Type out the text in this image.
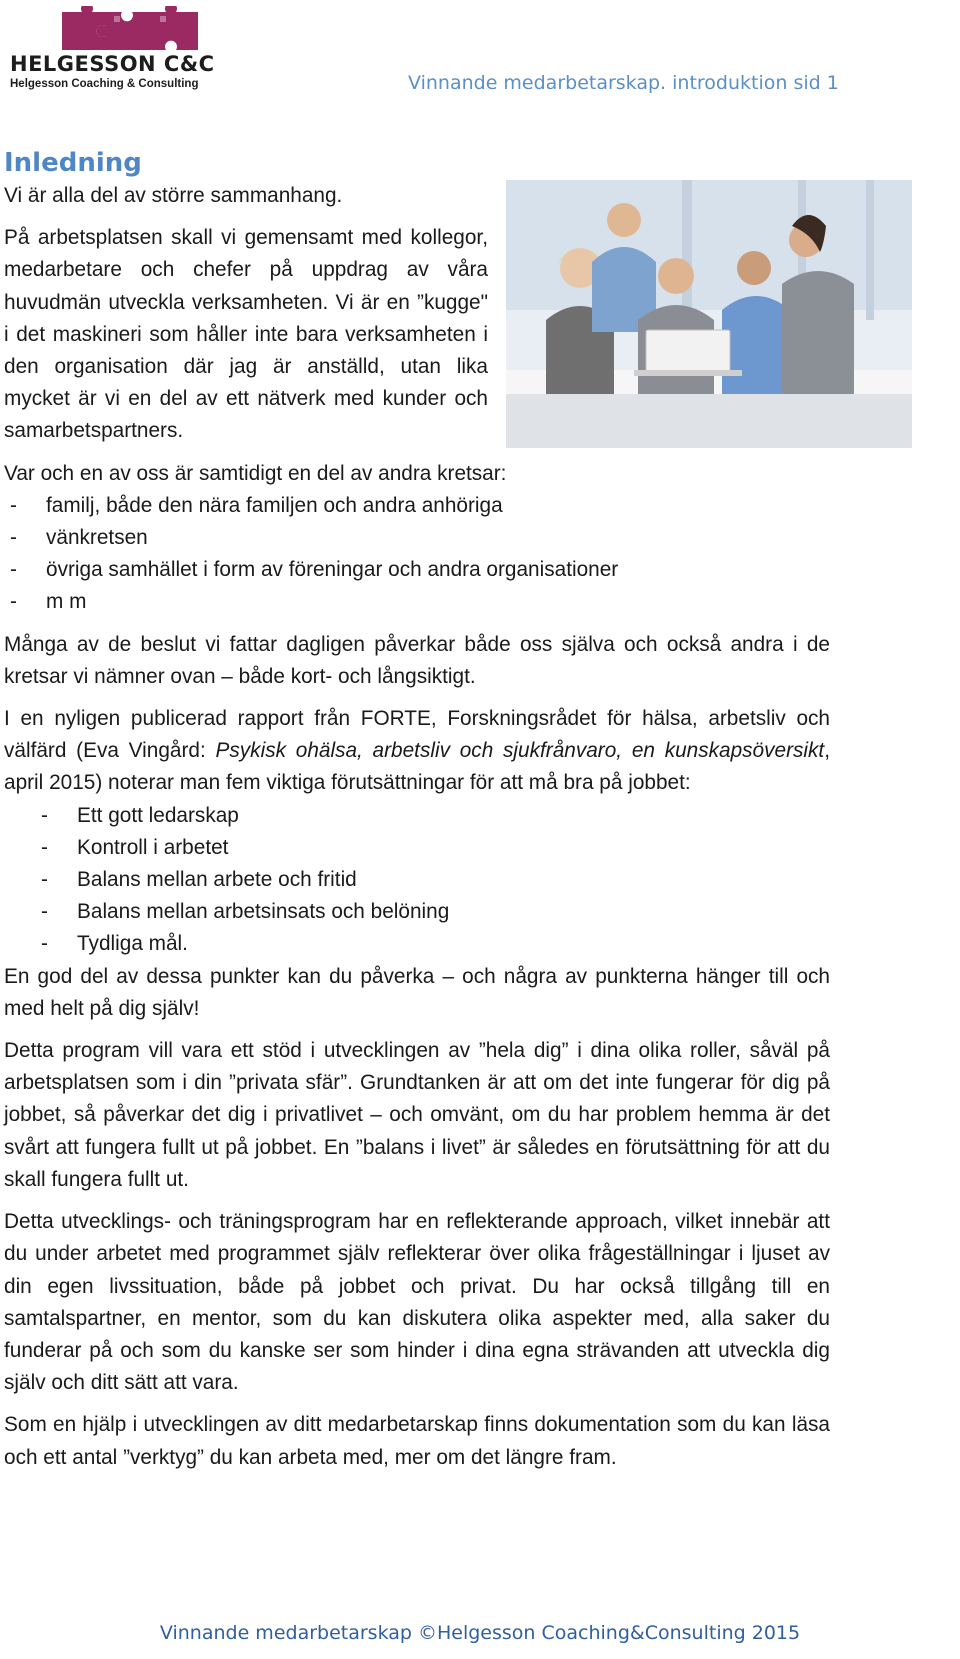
HELGESSON C&C
Helgesson Coaching & Consulting	Vinnande medarbetarskap. introduktion sid 1
Inledning

Vi är alla del av större sammanhang.

På arbetsplatsen skall vi gemensamt med kollegor, medarbetare och chefer på uppdrag av våra huvudmän utveckla verksamheten. Vi är en ”kugge" i det maskineri som håller inte bara verksamheten i den organisation där jag är anställd, utan lika mycket är vi en del av ett nätverk med kunder och samarbetspartners.

Var och en av oss är samtidigt en del av andra kretsar:

- familj, både den nära familjen och andra anhöriga
- vänkretsen
- övriga samhället i form av föreningar och andra organisationer
- m m

Många av de beslut vi fattar dagligen påverkar både oss själva och också andra i de kretsar vi nämner ovan – både kort- och långsiktigt.

I en nyligen publicerad rapport från FORTE, Forskningsrådet för hälsa, arbetsliv och välfärd (Eva Vingård: Psykisk ohälsa, arbetsliv och sjukfrånvaro, en kunskapsöversikt, april 2015) noterar man fem viktiga förutsättningar för att må bra på jobbet:

- Ett gott ledarskap
- Kontroll i arbetet
- Balans mellan arbete och fritid
- Balans mellan arbetsinsats och belöning
- Tydliga mål.

En god del av dessa punkter kan du påverka – och några av punkterna hänger till och med helt på dig själv!

Detta program vill vara ett stöd i utvecklingen av ”hela dig” i dina olika roller, såväl på arbetsplatsen som i din ”privata sfär”. Grundtanken är att om det inte fungerar för dig på jobbet, så påverkar det dig i privatlivet – och omvänt, om du har problem hemma är det svårt att fungera fullt ut på jobbet. En ”balans i livet” är således en förutsättning för att du skall fungera fullt ut.

Detta utvecklings- och träningsprogram har en reflekterande approach, vilket innebär att du under arbetet med programmet själv reflekterar över olika frågeställningar i ljuset av din egen livssituation, både på jobbet och privat. Du har också tillgång till en samtalspartner, en mentor, som du kan diskutera olika aspekter med, alla saker du funderar på och som du kanske ser som hinder i dina egna strävanden att utveckla dig själv och ditt sätt att vara.

Som en hjälp i utvecklingen av ditt medarbetarskap finns dokumentation som du kan läsa och ett antal ”verktyg” du kan arbeta med, mer om det längre fram.

Vinnande medarbetarskap ©Helgesson Coaching&Consulting 2015
